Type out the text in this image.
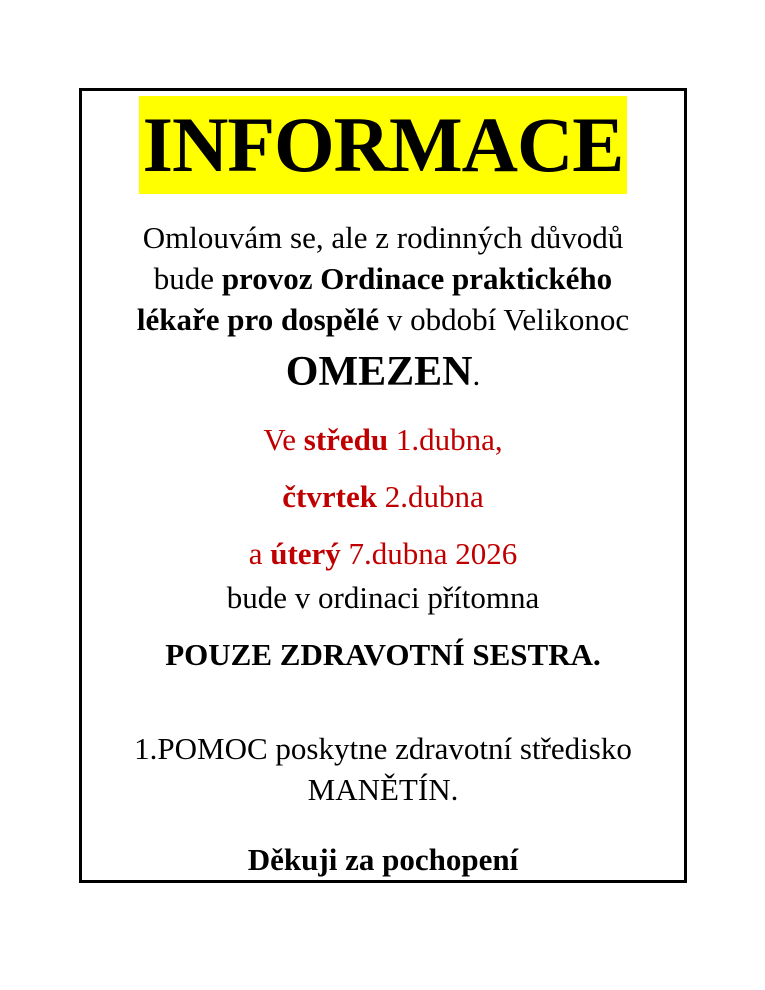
INFORMACE
Omlouvám se, ale z rodinných důvodů
bude provoz Ordinace praktického
lékaře pro dospělé v období Velikonoc
OMEZEN.
Ve středu 1.dubna,
čtvrtek 2.dubna
a úterý 7.dubna 2026
bude v ordinaci přítomna
POUZE ZDRAVOTNÍ SESTRA.
1.POMOC poskytne zdravotní středisko
MANĚTÍN.
Děkuji za pochopení
